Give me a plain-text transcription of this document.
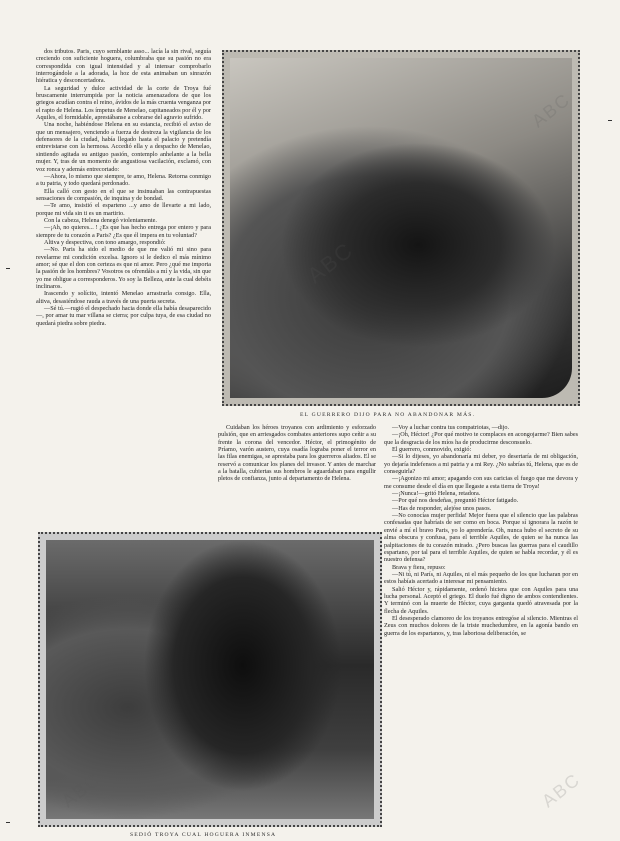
dos tributos. Paris, cuyo semblante asso... lacía la sin rival, seguía creciendo con suficiente hoguera, columbraba que su pasión no era correspondida con igual intensidad y al intensar comprobarlo interrogándole a la adorada, la hoz de esta animaban un sinrazón hiératica y desconcertadora.

La seguridad y dulce actividad de la corte de Troya fué bruscamente interrumpida por la noticia amenazadora de que los griegos acudían contra el reino, ávidos de la más cruenta venganza por el rapto de Helena. Los ímpetus de Menelao, capitaneados por él y por Aquiles, el formidable, aprestábanse a cobrarse del agravio sufrido.

Una noche, habiéndose Helena en su estancia, recibió el aviso de que un mensajero, venciendo a fuerza de destreza la vigilancia de los defensores de la ciudad, había llegado hasta el palacio y pretendía entrevistarse con la hermosa. Accedió ella y a despacho de Menelao, sintiendo agitada su antiguo pasión, contemplo anhelante a la bella mujer. Y, tras de un momento de angustiosa vacilación, exclamó, con voz ronca y además entrecortado:

—Ahora, lo mismo que siempre, te amo, Helena. Retorna conmigo a tu patria, y todo quedará perdonado.

Ella calló con gesto en el que se insinuaban las contrapuestas sensaciones de compasión, de inquina y de bondad.

—Te amo, insistió el esparteno ...y amo de llevarte a mi lado, porque mi vida sin ti es un martirio.

Con la cabeza, Helena denegó violentamente.

—¡Ah, no quieres... ! ¿Es que has hecho entrega por entero y para siempre de tu corazón a Paris? ¿Es que él impera en tu voluntad?

Altiva y despectiva, con tono amargo, respondió:

—No. Paris ha sido el medio de que me valió mi sino para revelarme mi condición excelsa. Ignoro si le dedico el más mínimo amor; sé que el don con certeza es que ni amor. Pero ¿qué me importa la pasión de los hombres? Vosotros os ofrendáis a mí y la vida, sin que yo me obligue a corresponderos. Yo soy la Belleza, ante la cual debéis inclinaros.

Irascendo y solícito, intentó Menelao arrastrarla consigo. Ella, altiva, desasiéndose rauda a través de una puerta secreta.

—Sé tú.—rugió el despechado hacia donde ella había desaparecido—, por amar tu mar villana se cierra; por culpa tuya, de esa ciudad no quedará piedra sobre piedra.

EL GUERRERO DIJO PARA NO ABANDONAR MÁS.

Cuidaban los héroes troyanos con ardimiento y esforzado pulsión, que en arriesgados combates anteriores supo ceñir a su frente la corona del vencedor. Héctor, el primogénito de Príamo, varón austero, cuya osadía lograba poner el terror en las filas enemigas, se aprestaba para los guerreros aliados. El se reservó a comunicar los planes del invasor. Y antes de marchar a la batalla, cubiertas sus hombros le aguardaban para engullir pletos de confianza, junto al departamento de Helena.

—Voy a luchar contra tus compatriotas, —dijo.

—¡Oh, Héctor! ¿Por qué motivo te complaces en acongojarme? Bien sabes que la desgracia de los míos ha de producirme desconsuelo.

El guerrero, conmovido, exigió:

—Si lo dijeses, yo abandonaría mi deber, yo desertaría de mi obligación, yo dejaría indefensos a mi patria y a mi Rey. ¿No sabrías tú, Helena, que es de conseguirla?

—¡Agonizo mi amor; apagando con sus caricias el fuego que me devora y me consume desde el día en que llegaste a esta tierra de Troya!

—¡Nunca!—gritó Helena, retadora.

—Por qué nos desdeñas, preguntó Héctor fatigado.

—Has de responder, alejóse unos pasos.

—No conocías mujer perfida! Mejor fuera que el silencio que las palabras confesadas que habríais de ser como en boca. Porque sí ignorara la razón te envié a mí el bravo Paris, yo lo aprendería. Oh, nunca hubo el secreto de su alma obscura y confusa, para el terrible Aquiles, de quien se ha nunca las palpitaciones de tu corazón mirado. ¿Pero buscas las guerras para el caudillo espartano, por tal para el terrible Aquiles, de quien se habla recordar, y él es nuestro defensa?

Brava y fiera, repuso:

—Ni tú, ni París, ni Aquiles, ni el más pequeño de los que lucharan por en estos habíais acertado a interesar mi pensamiento.

Salió Héctor y, rápidamente, ordenó hiciera que con Aquiles para una lucha personal. Aceptó el griego. El duelo fué digno de ambos contendientes. Y terminó con la muerte de Héctor, cuya garganta quedó atravesada por la flecha de Aquiles.

El desesperado clamoreo de los troyanos entregóse al silencio. Mientras el Zeus con muchos dolores de la triste muchedumbre, en la agonía bando en guerra de los espartanos, y, tras laboriosa deliberación, se

SEDIÓ TROYA CUAL HOGUERA INMENSA
ABC
